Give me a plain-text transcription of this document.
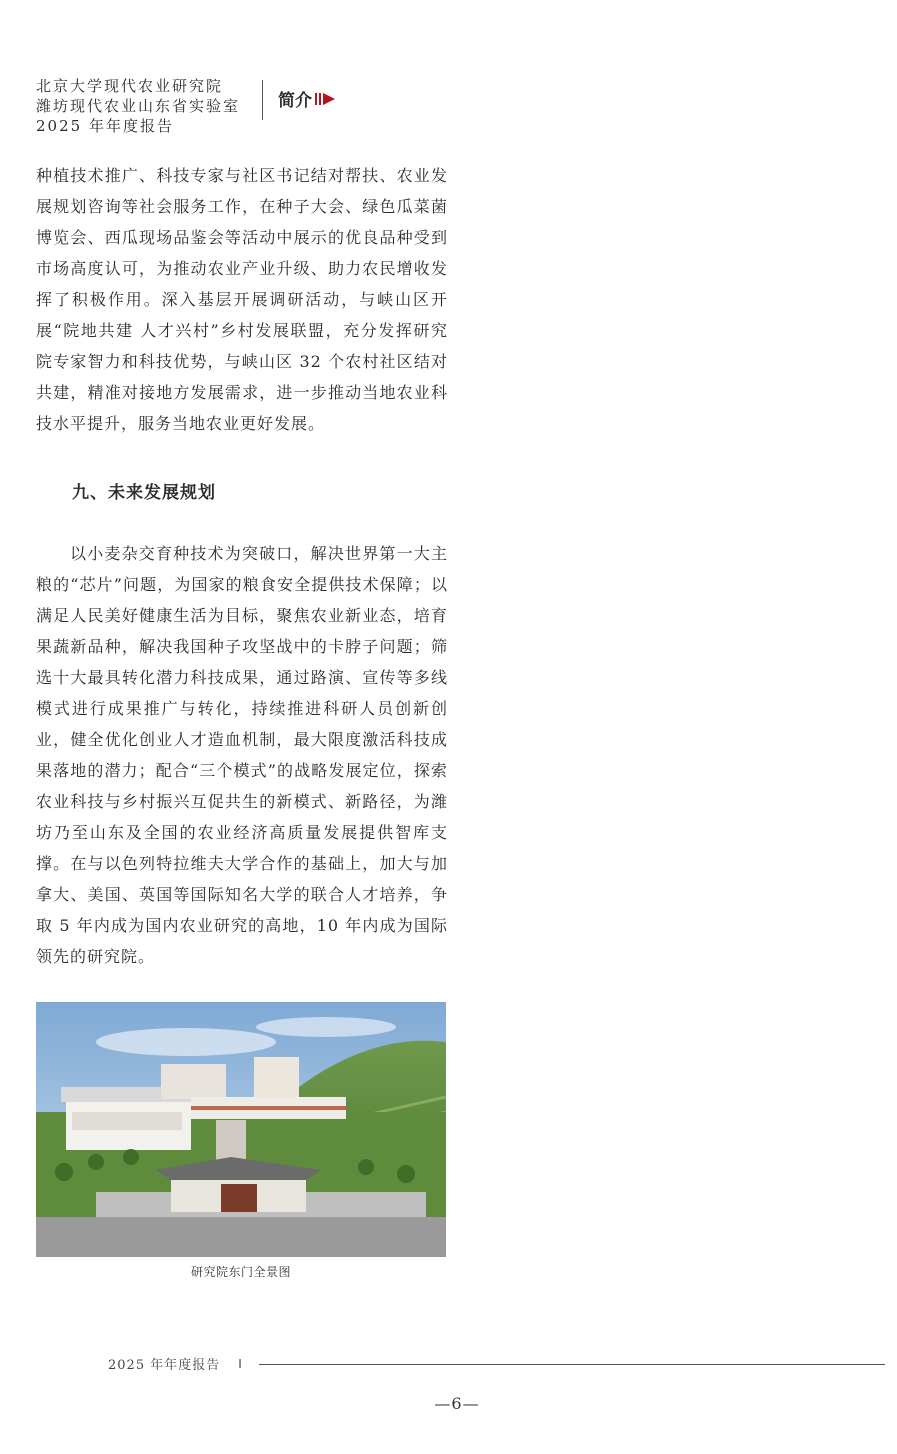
北京大学现代农业研究院
潍坊现代农业山东省实验室
2025 年年度报告
简介

种植技术推广、科技专家与社区书记结对帮扶、农业发展规划咨询等社会服务工作，在种子大会、绿色瓜菜菌博览会、西瓜现场品鉴会等活动中展示的优良品种受到市场高度认可，为推动农业产业升级、助力农民增收发挥了积极作用。深入基层开展调研活动，与峡山区开展“院地共建 人才兴村”乡村发展联盟，充分发挥研究院专家智力和科技优势，与峡山区 32 个农村社区结对共建，精准对接地方发展需求，进一步推动当地农业科技水平提升，服务当地农业更好发展。

九、未来发展规划

以小麦杂交育种技术为突破口，解决世界第一大主粮的“芯片”问题，为国家的粮食安全提供技术保障；以满足人民美好健康生活为目标，聚焦农业新业态，培育果蔬新品种，解决我国种子攻坚战中的卡脖子问题；筛选十大最具转化潜力科技成果，通过路演、宣传等多线模式进行成果推广与转化，持续推进科研人员创新创业，健全优化创业人才造血机制，最大限度激活科技成果落地的潜力；配合“三个模式”的战略发展定位，探索农业科技与乡村振兴互促共生的新模式、新路径，为潍坊乃至山东及全国的农业经济高质量发展提供智库支撑。在与以色列特拉维夫大学合作的基础上，加大与加拿大、美国、英国等国际知名大学的联合人才培养，争取 5 年内成为国内农业研究的高地，10 年内成为国际领先的研究院。

研究院东门全景图
2025 年年度报告 I
—6—
